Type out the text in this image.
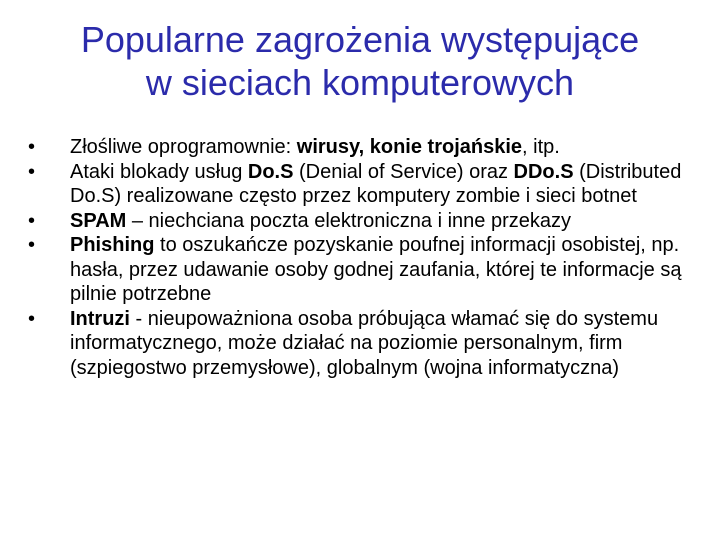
Popularne zagrożenia występujące
w sieciach komputerowych
• Złośliwe oprogramownie: wirusy, konie trojańskie, itp.
• Ataki blokady usług Do.S (Denial of Service) oraz DDo.S (Distributed Do.S) realizowane często przez komputery zombie i sieci botnet
• SPAM – niechciana poczta elektroniczna i inne przekazy
• Phishing to oszukańcze pozyskanie poufnej informacji osobistej, np. hasła, przez udawanie osoby godnej zaufania, której te informacje są pilnie potrzebne
• Intruzi - nieupoważniona osoba próbująca włamać się do systemu informatycznego, może działać na poziomie personalnym, firm (szpiegostwo przemysłowe), globalnym (wojna informatyczna)
